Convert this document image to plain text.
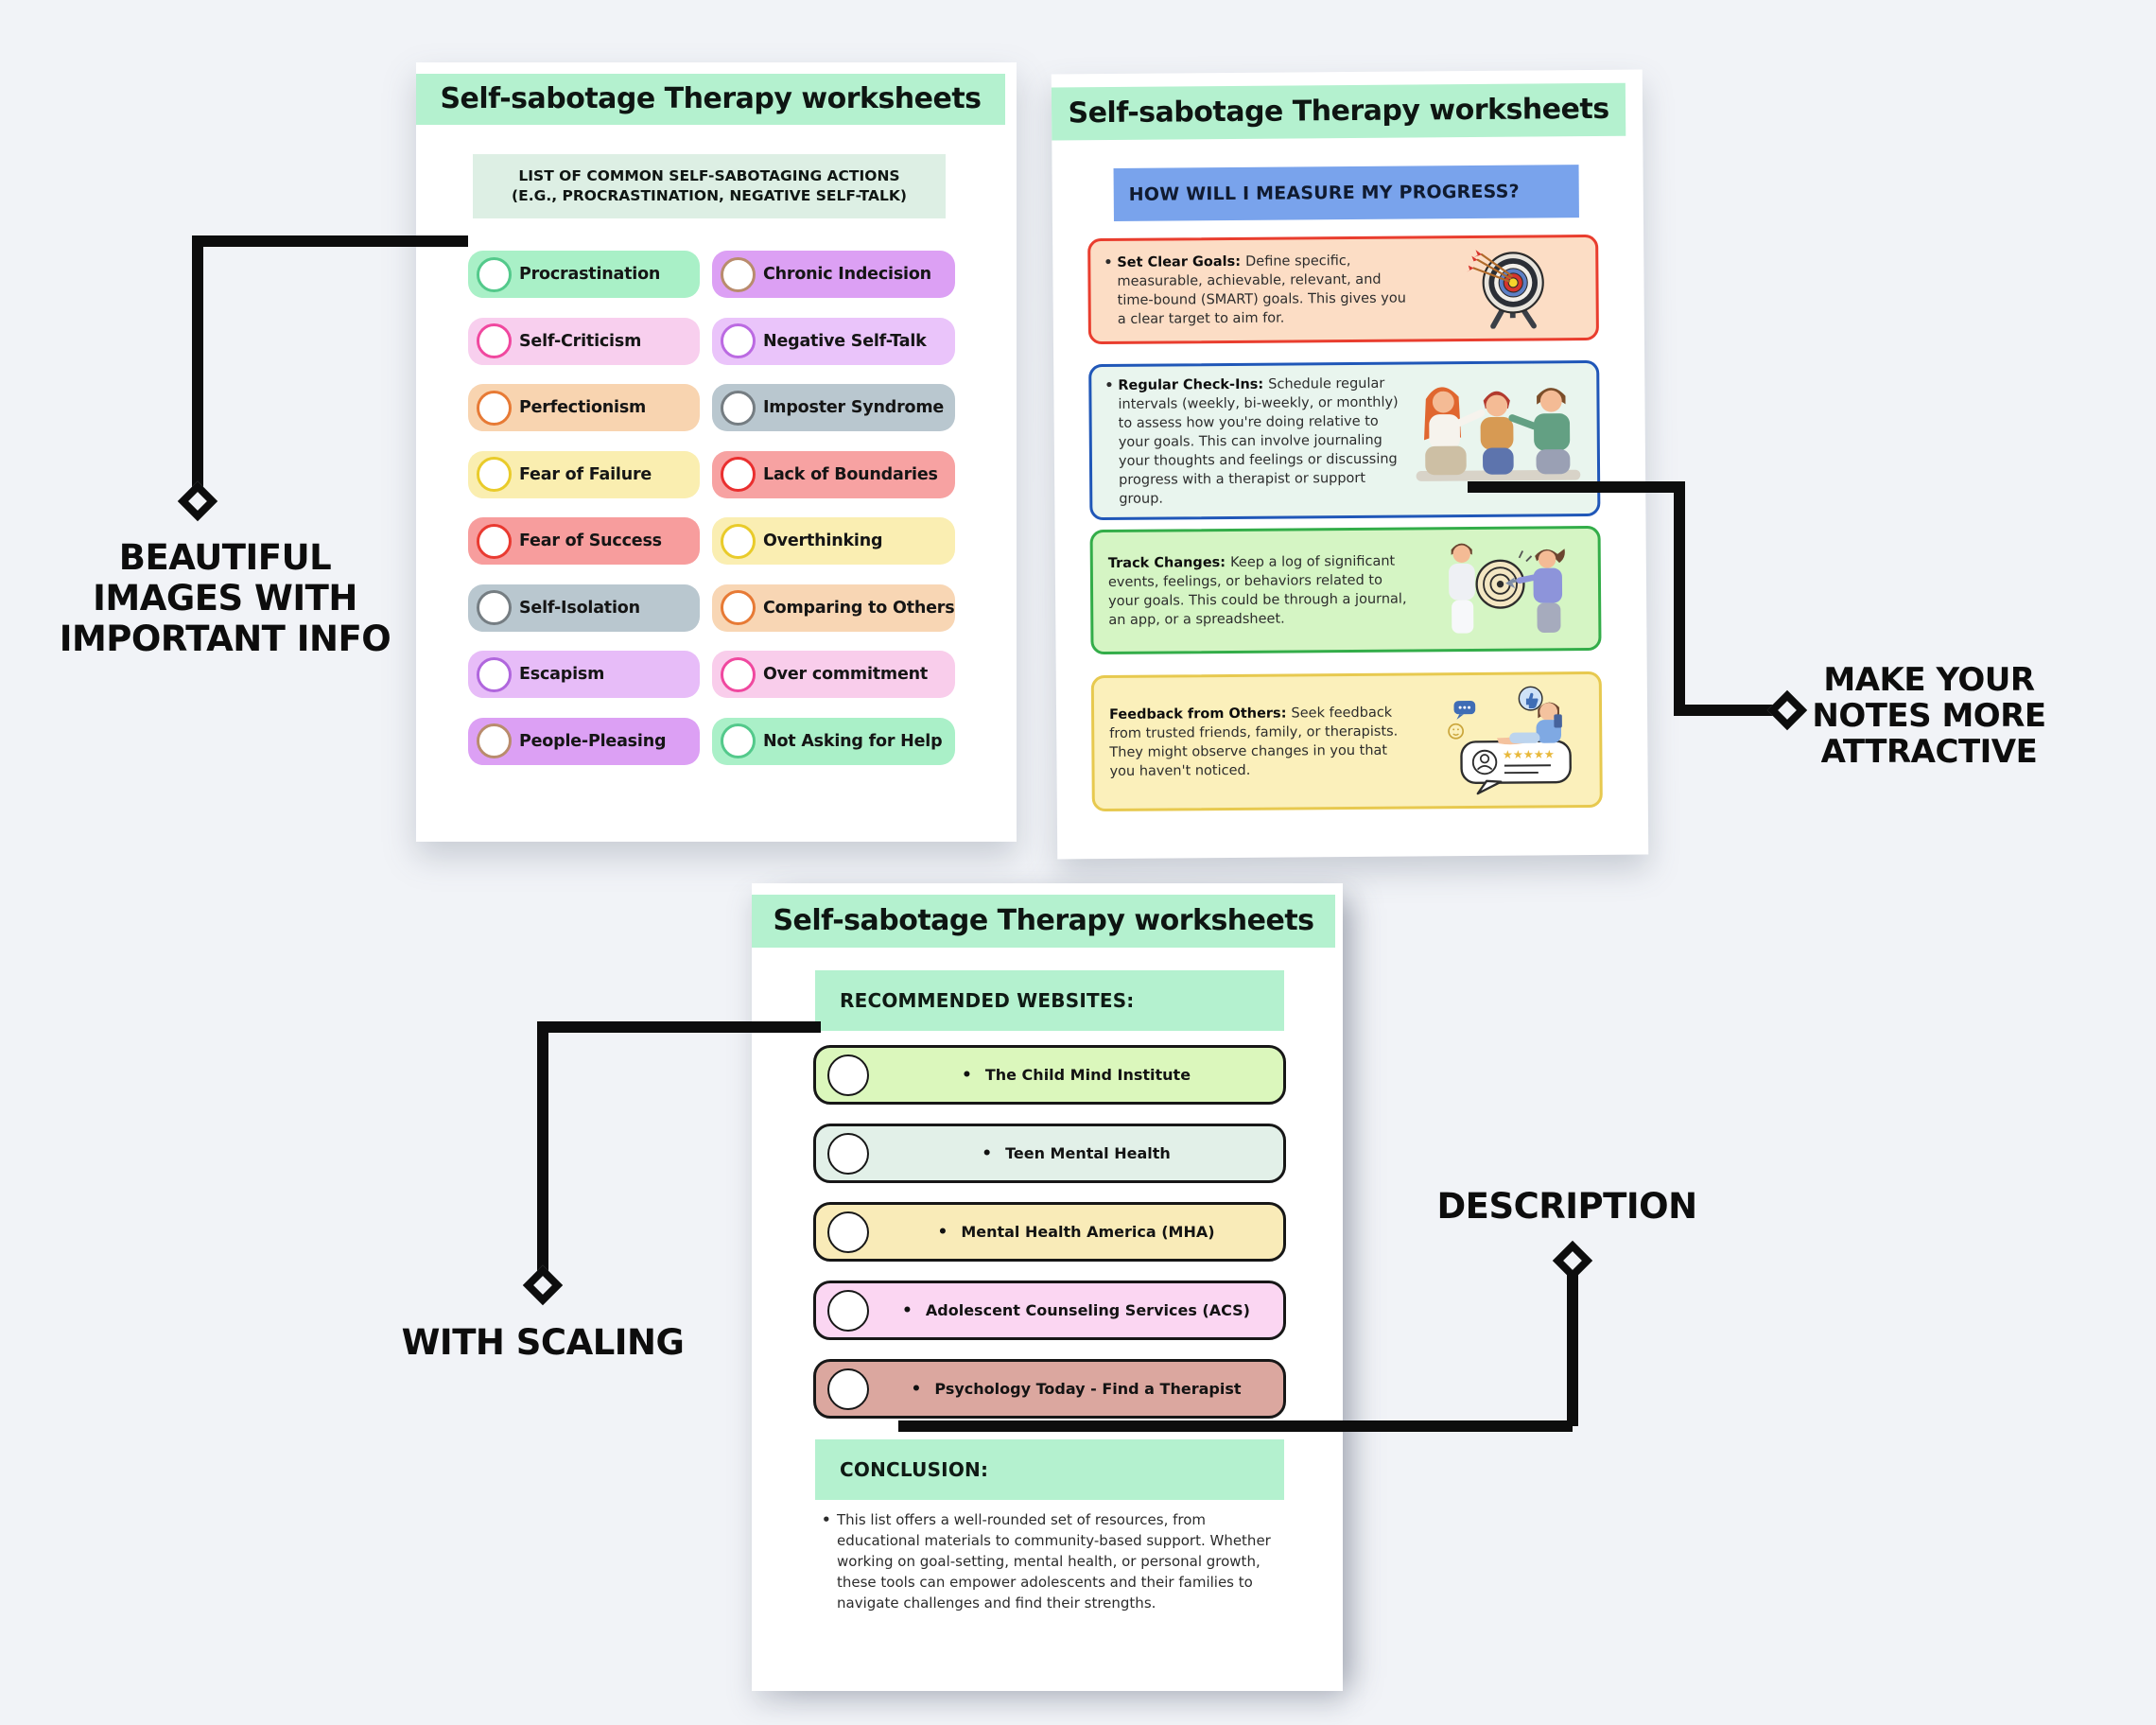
Self-sabotage Therapy worksheets
LIST OF COMMON SELF-SABOTAGING ACTIONS
(E.G., PROCRASTINATION, NEGATIVE SELF-TALK)
Procrastination
Self-Criticism
Perfectionism
Fear of Failure
Fear of Success
Self-Isolation
Escapism
People-Pleasing
Chronic Indecision
Negative Self-Talk
Imposter Syndrome
Lack of Boundaries
Overthinking
Comparing to Others
Over commitment
Not Asking for Help
Self-sabotage Therapy worksheets
HOW WILL I MEASURE MY PROGRESS?

• Set Clear Goals: Define specific, measurable, achievable, relevant, and time-bound (SMART) goals. This gives you a clear target to aim for.

• Regular Check-Ins: Schedule regular intervals (weekly, bi-weekly, or monthly) to assess how you're doing relative to your goals. This can involve journaling your thoughts and feelings or discussing progress with a therapist or support group.

Track Changes: Keep a log of significant events, feelings, or behaviors related to your goals. This could be through a journal, an app, or a spreadsheet.

Feedback from Others: Seek feedback from trusted friends, family, or therapists. They might observe changes in you that you haven't noticed.

Self-sabotage Therapy worksheets
RECOMMENDED WEBSITES:
• The Child Mind Institute
• Teen Mental Health
• Mental Health America (MHA)
• Adolescent Counseling Services (ACS)
• Psychology Today - Find a Therapist
CONCLUSION:
• This list offers a well-rounded set of resources, from educational materials to community-based support. Whether working on goal-setting, mental health, or personal growth, these tools can empower adolescents and their families to navigate challenges and find their strengths.
BEAUTIFUL
IMAGES WITH
IMPORTANT INFO
MAKE YOUR
NOTES MORE
ATTRACTIVE
WITH SCALING
DESCRIPTION
